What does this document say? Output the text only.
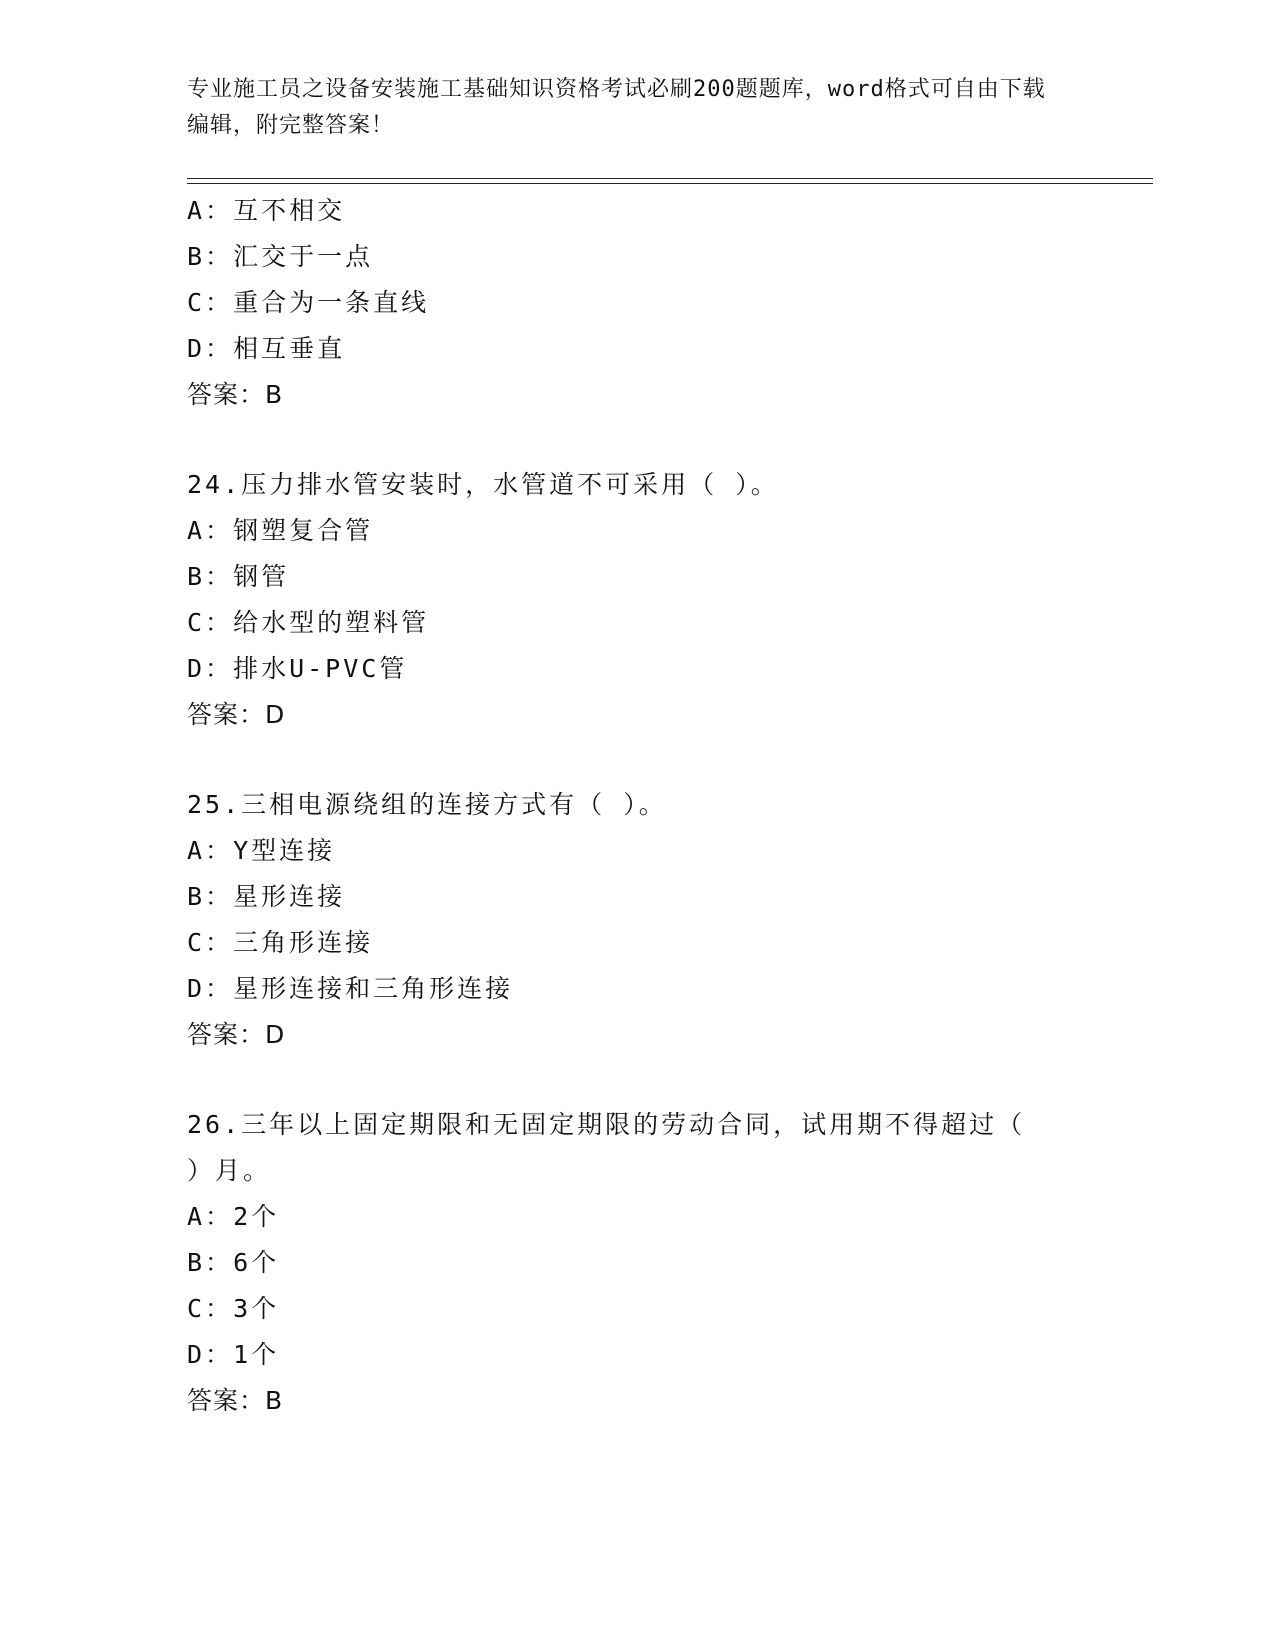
专业施工员之设备安装施工基础知识资格考试必刷200题题库，word格式可自由下载编辑，附完整答案！
A：互不相交
B：汇交于一点
C：重合为一条直线
D：相互垂直
答案：B
24.压力排水管安装时，水管道不可采用（ ）。
A：钢塑复合管
B：钢管
C：给水型的塑料管
D：排水U-PVC管
答案：D
25.三相电源绕组的连接方式有（ ）。
A：Y型连接
B：星形连接
C：三角形连接
D：星形连接和三角形连接
答案：D
26.三年以上固定期限和无固定期限的劳动合同，试用期不得超过（ ）月。
A：2个
B：6个
C：3个
D：1个
答案：B
